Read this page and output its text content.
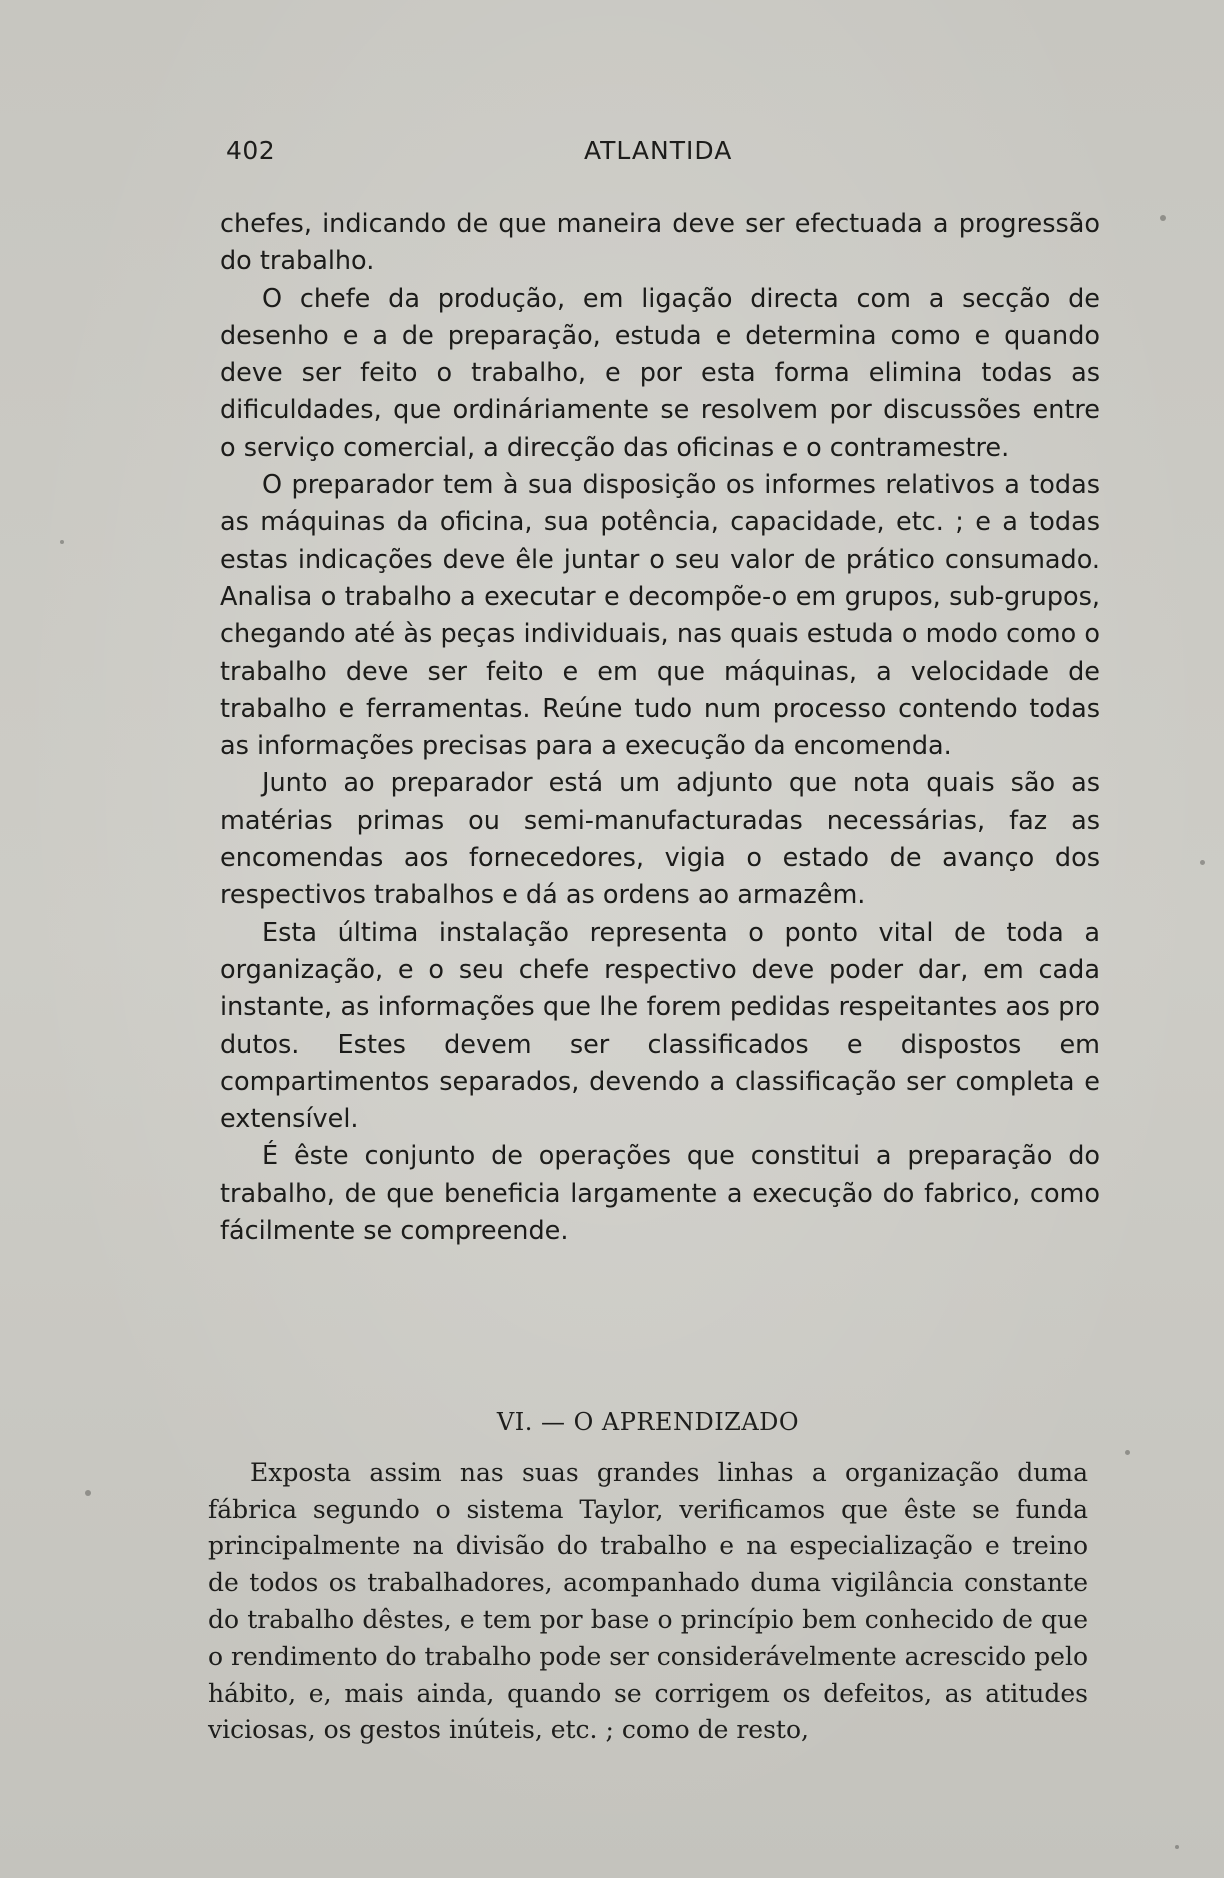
402	ATLANTIDA

chefes, indicando de que maneira deve ser efectuada a progressão do trabalho.

O chefe da produção, em ligação directa com a secção de desenho e a de preparação, estuda e determina como e quando deve ser feito o trabalho, e por esta forma elimina todas as dificuldades, que ordináriamente se resolvem por discussões entre o serviço comercial, a direcção das oficinas e o contramestre.

O preparador tem à sua disposição os informes relativos a todas as máquinas da oficina, sua potência, capacidade, etc. ; e a todas estas indicações deve êle juntar o seu valor de prático consumado. Analisa o trabalho a executar e decompõe-o em grupos, sub-grupos, chegando até às peças individuais, nas quais estuda o modo como o trabalho deve ser feito e em que máquinas, a velocidade de trabalho e ferramentas. Reúne tudo num processo contendo todas as informações precisas para a execução da encomenda.

Junto ao preparador está um adjunto que nota quais são as matérias primas ou semi-manufacturadas necessárias, faz as encomendas aos fornecedores, vigia o estado de avanço dos respectivos trabalhos e dá as ordens ao armazêm.

Esta última instalação representa o ponto vital de toda a organização, e o seu chefe respectivo deve poder dar, em cada instante, as informações que lhe forem pedidas respeitantes aos pro dutos. Estes devem ser classificados e dispostos em compartimentos separados, devendo a classificação ser completa e extensível.

É êste conjunto de operações que constitui a preparação do trabalho, de que beneficia largamente a execução do fabrico, como fácilmente se compreende.

VI. — O APRENDIZADO

Exposta assim nas suas grandes linhas a organização duma fábrica segundo o sistema Taylor, verificamos que êste se funda principalmente na divisão do trabalho e na especialização e treino de todos os trabalhadores, acompanhado duma vigilância constante do trabalho dêstes, e tem por base o princípio bem conhecido de que o rendimento do trabalho pode ser considerávelmente acrescido pelo hábito, e, mais ainda, quando se corrigem os defeitos, as atitudes viciosas, os gestos inúteis, etc. ; como de resto,
